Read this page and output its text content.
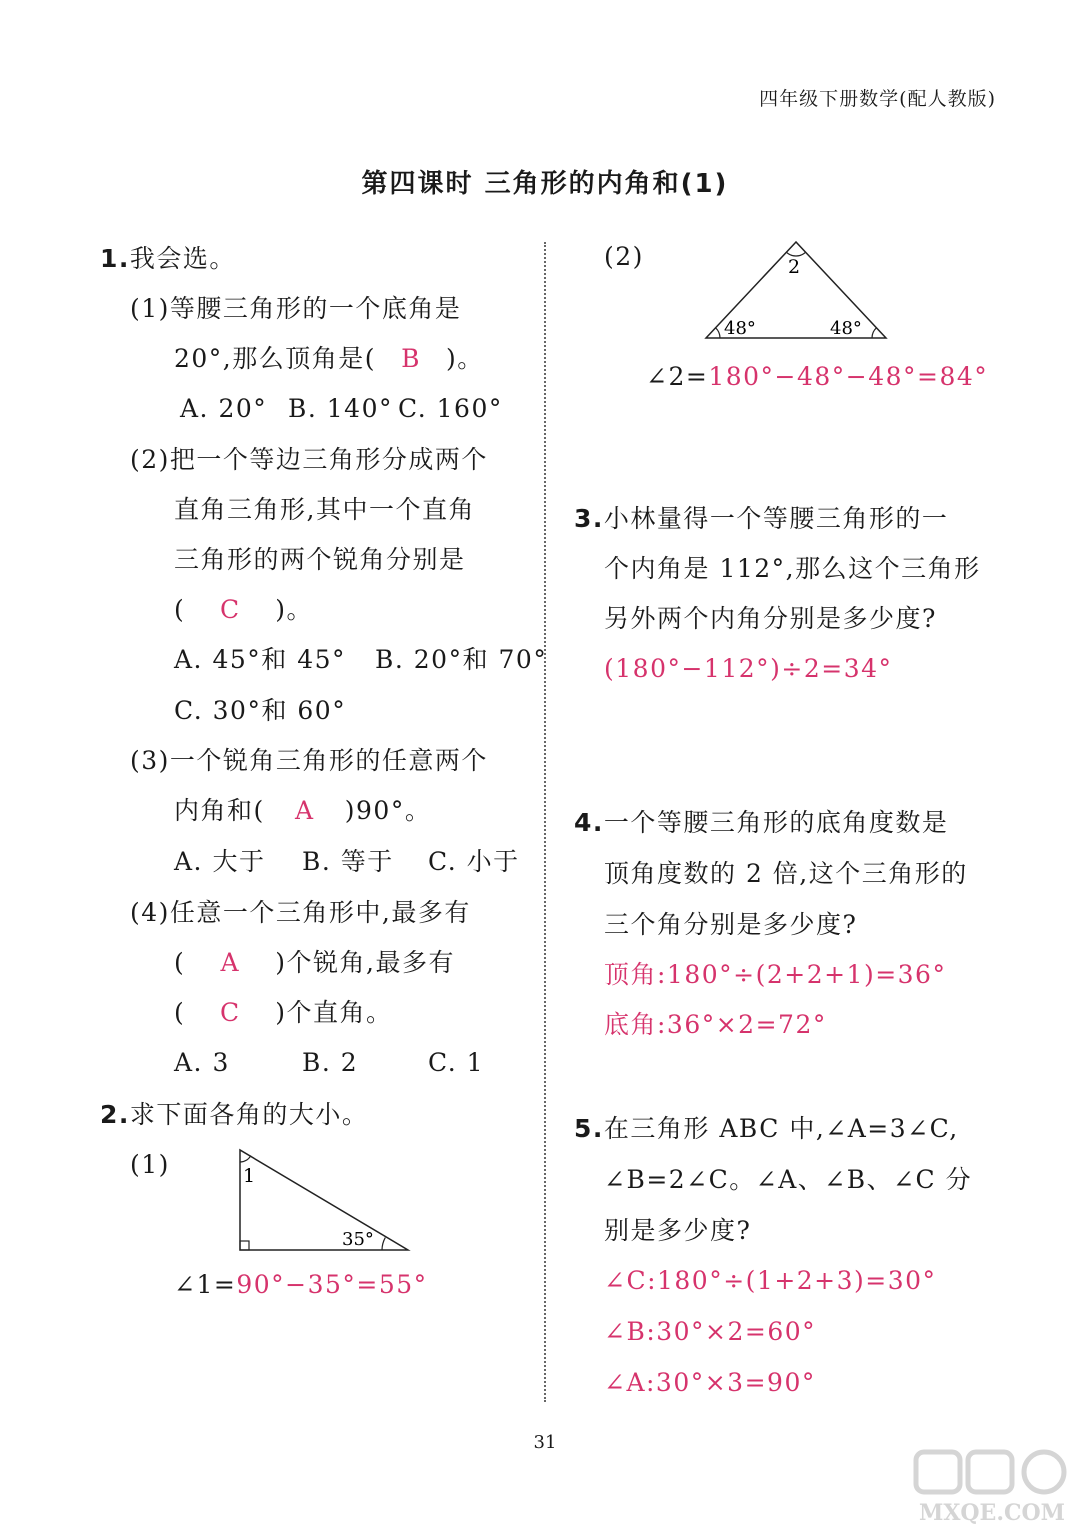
四年级下册数学(配人教版)
第四课时 三角形的内角和(1)
1.我会选。
(1)等腰三角形的一个底角是
20°,那么顶角是( B )。
A. 20° B. 140° C. 160°
(2)把一个等边三角形分成两个
直角三角形,其中一个直角
三角形的两个锐角分别是
( C )。
A. 45°和 45° B. 20°和 70°
C. 30°和 60°
(3)一个锐角三角形的任意两个
内角和( A )90°。
A. 大于 B. 等于 C. 小于
(4)任意一个三角形中,最多有
( A )个锐角,最多有
( C )个直角。
A. 3	B. 2	C. 1
2.求下面各角的大小。
(1)	1
35°
∠1=90°−35°=55°
(2)	2
48°	48°
∠2=180°−48°−48°=84°
3.小林量得一个等腰三角形的一
个内角是 112°,那么这个三角形
另外两个内角分别是多少度?
(180°−112°)÷2=34°
4.一个等腰三角形的底角度数是
顶角度数的 2 倍,这个三角形的
三个角分别是多少度?
顶角:180°÷(2+2+1)=36°
底角:36°×2=72°
5.在三角形 ABC 中,∠A=3∠C,
∠B=2∠C。∠A、∠B、∠C 分
别是多少度?
∠C:180°÷(1+2+3)=30°
∠B:30°×2=60°
∠A:30°×3=90°
31
MXQE.COM
